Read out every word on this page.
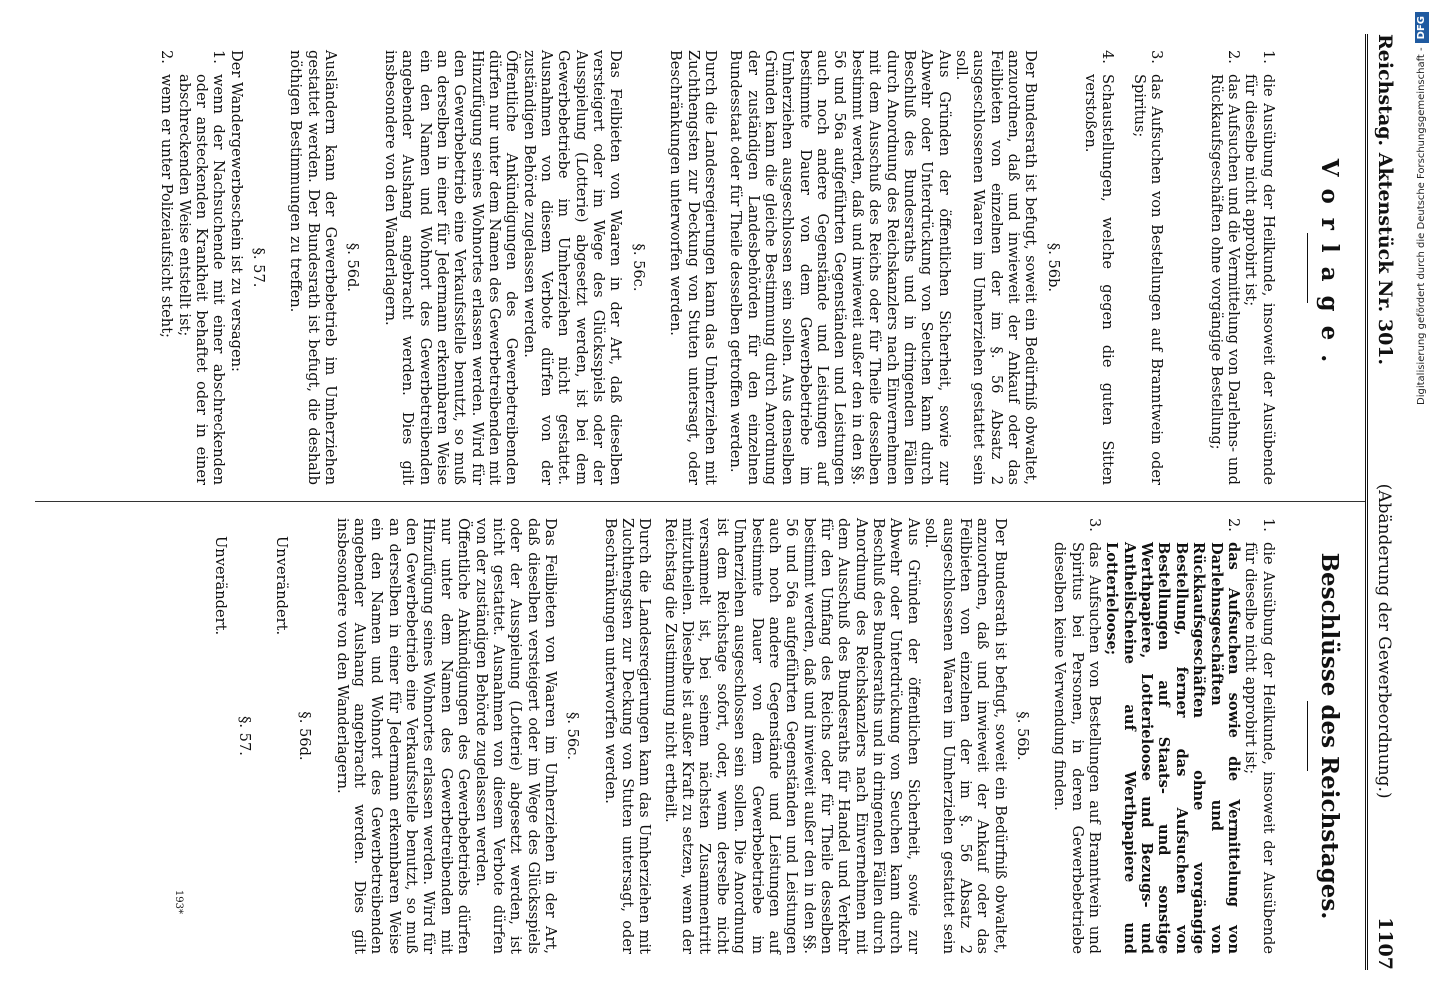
Reichstag. Aktenstück Nr. 301.
(Abänderung der Gewerbeordnung.)
1107
Vorlage.
1.
die Ausübung der Heilkunde, insoweit der Ausübende für dieselbe nicht approbirt ist;
2.
das Aufsuchen und die Vermittelung von Darlehns- und Rückkaufsgeschäften ohne vorgängige Bestellung;
3.
das Aufsuchen von Bestellungen auf Branntwein oder Spiritus;
4.
Schaustellungen, welche gegen die guten Sitten verstoßen.
§. 56b.

Der Bundesrath ist befugt, soweit ein Bedürfniß obwaltet, anzuordnen, daß und inwieweit der Ankauf oder das Feilbieten von einzelnen der im §. 56 Absatz 2 ausgeschlossenen Waaren im Umherziehen gestattet sein soll.

Aus Gründen der öffentlichen Sicherheit, sowie zur Abwehr oder Unterdrückung von Seuchen kann durch Beschluß des Bundesraths und in dringenden Fällen durch Anordnung des Reichskanzlers nach Einvernehmen mit dem Ausschuß des Reichs oder für Theile desselben bestimmt werden, daß und inwieweit außer den in den §§. 56 und 56a aufgeführten Gegenständen und Leistungen auch noch andere Gegenstände und Leistungen auf bestimmte Dauer von dem Gewerbebetriebe im Umherziehen ausgeschlossen sein sollen. Aus denselben Gründen kann die gleiche Bestimmung durch Anordnung der zuständigen Landesbehörden für den einzelnen Bundesstaat oder für Theile desselben getroffen werden.

Durch die Landesregierungen kann das Umherziehen mit Zuchthengsten zur Deckung von Stuten untersagt, oder Beschränkungen unterworfen werden.

§. 56c.

Das Feilbieten von Waaren in der Art, daß dieselben versteigert oder im Wege des Glücksspiels oder der Ausspielung (Lotterie) abgesetzt werden, ist bei dem Gewerbebetriebe im Umherziehen nicht gestattet. Ausnahmen von diesem Verbote dürfen von der zuständigen Behörde zugelassen werden.

Öffentliche Ankündigungen des Gewerbetreibenden dürfen nur unter dem Namen des Gewerbetreibenden mit Hinzufügung seines Wohnortes erlassen werden. Wird für den Gewerbebetrieb eine Verkaufsstelle benutzt, so muß an derselben in einer für Jedermann erkennbaren Weise ein den Namen und Wohnort des Gewerbetreibenden angebender Aushang angebracht werden. Dies gilt insbesondere von den Wanderlagern.

§. 56d.

Ausländern kann der Gewerbebetrieb im Umherziehen gestattet werden. Der Bundesrath ist befugt, die deshalb nöthigen Bestimmungen zu treffen.

§. 57.

Der Wandergewerbeschein ist zu versagen:

1.
wenn der Nachsuchende mit einer abschreckenden oder ansteckenden Krankheit behaftet oder in einer abschreckenden Weise entstellt ist;
2.
wenn er unter Polizeiaufsicht steht;
Beschlüsse des Reichstages.
1.
die Ausübung der Heilkunde, insoweit der Ausübende für dieselbe nicht approbirt ist;
2.
das Aufsuchen sowie die Vermittelung von Darlehnsgeschäften und von Rückkaufsgeschäften ohne vorgängige Bestellung, ferner das Aufsuchen von Bestellungen auf Staats- und sonstige Werthpapiere, Lotterieloose und Bezugs- und Antheilscheine auf Werthpapiere und Lotterieloose;
3.
das Aufsuchen von Bestellungen auf Branntwein und Spiritus bei Personen, in deren Gewerbebetriebe dieselben keine Verwendung finden.
§. 56b.

Der Bundesrath ist befugt, soweit ein Bedürfniß obwaltet, anzuordnen, daß und inwieweit der Ankauf oder das Feilbieten von einzelnen der im §. 56 Absatz 2 ausgeschlossenen Waaren im Umherziehen gestattet sein soll.

Aus Gründen der öffentlichen Sicherheit, sowie zur Abwehr oder Unterdrückung von Seuchen kann durch Beschluß des Bundesraths und in dringenden Fällen durch Anordnung des Reichskanzlers nach Einvernehmen mit dem Ausschuß des Bundesraths für Handel und Verkehr für den Umfang des Reichs oder für Theile desselben bestimmt werden, daß und inwieweit außer den in den §§. 56 und 56a aufgeführten Gegenständen und Leistungen auch noch andere Gegenstände und Leistungen auf bestimmte Dauer von dem Gewerbebetriebe im Umherziehen ausgeschlossen sein sollen. Die Anordnung ist dem Reichstage sofort, oder, wenn derselbe nicht versammelt ist, bei seinem nächsten Zusammentritt mitzutheilen. Dieselbe ist außer Kraft zu setzen, wenn der Reichstag die Zustimmung nicht ertheilt.

Durch die Landesregierungen kann das Umherziehen mit Zuchthengsten zur Deckung von Stuten untersagt, oder Beschränkungen unterworfen werden.

§. 56c.

Das Feilbieten von Waaren im Umherziehen in der Art, daß dieselben versteigert oder im Wege des Glücksspiels oder der Ausspielung (Lotterie) abgesetzt werden, ist nicht gestattet. Ausnahmen von diesem Verbote dürfen von der zuständigen Behörde zugelassen werden.

Öffentliche Ankündigungen des Gewerbebetriebs dürfen nur unter dem Namen des Gewerbetreibenden mit Hinzufügung seines Wohnortes erlassen werden. Wird für den Gewerbebetrieb eine Verkaufsstelle benutzt, so muß an derselben in einer für Jedermann erkennbaren Weise ein den Namen und Wohnort des Gewerbetreibenden angebender Aushang angebracht werden. Dies gilt insbesondere von den Wanderlagern.

§. 56d.

Unverändert.

§. 57.

Unverändert.

193*
Digitalisierung gefördert durch die Deutsche Forschungsgemeinschaft -DFG
